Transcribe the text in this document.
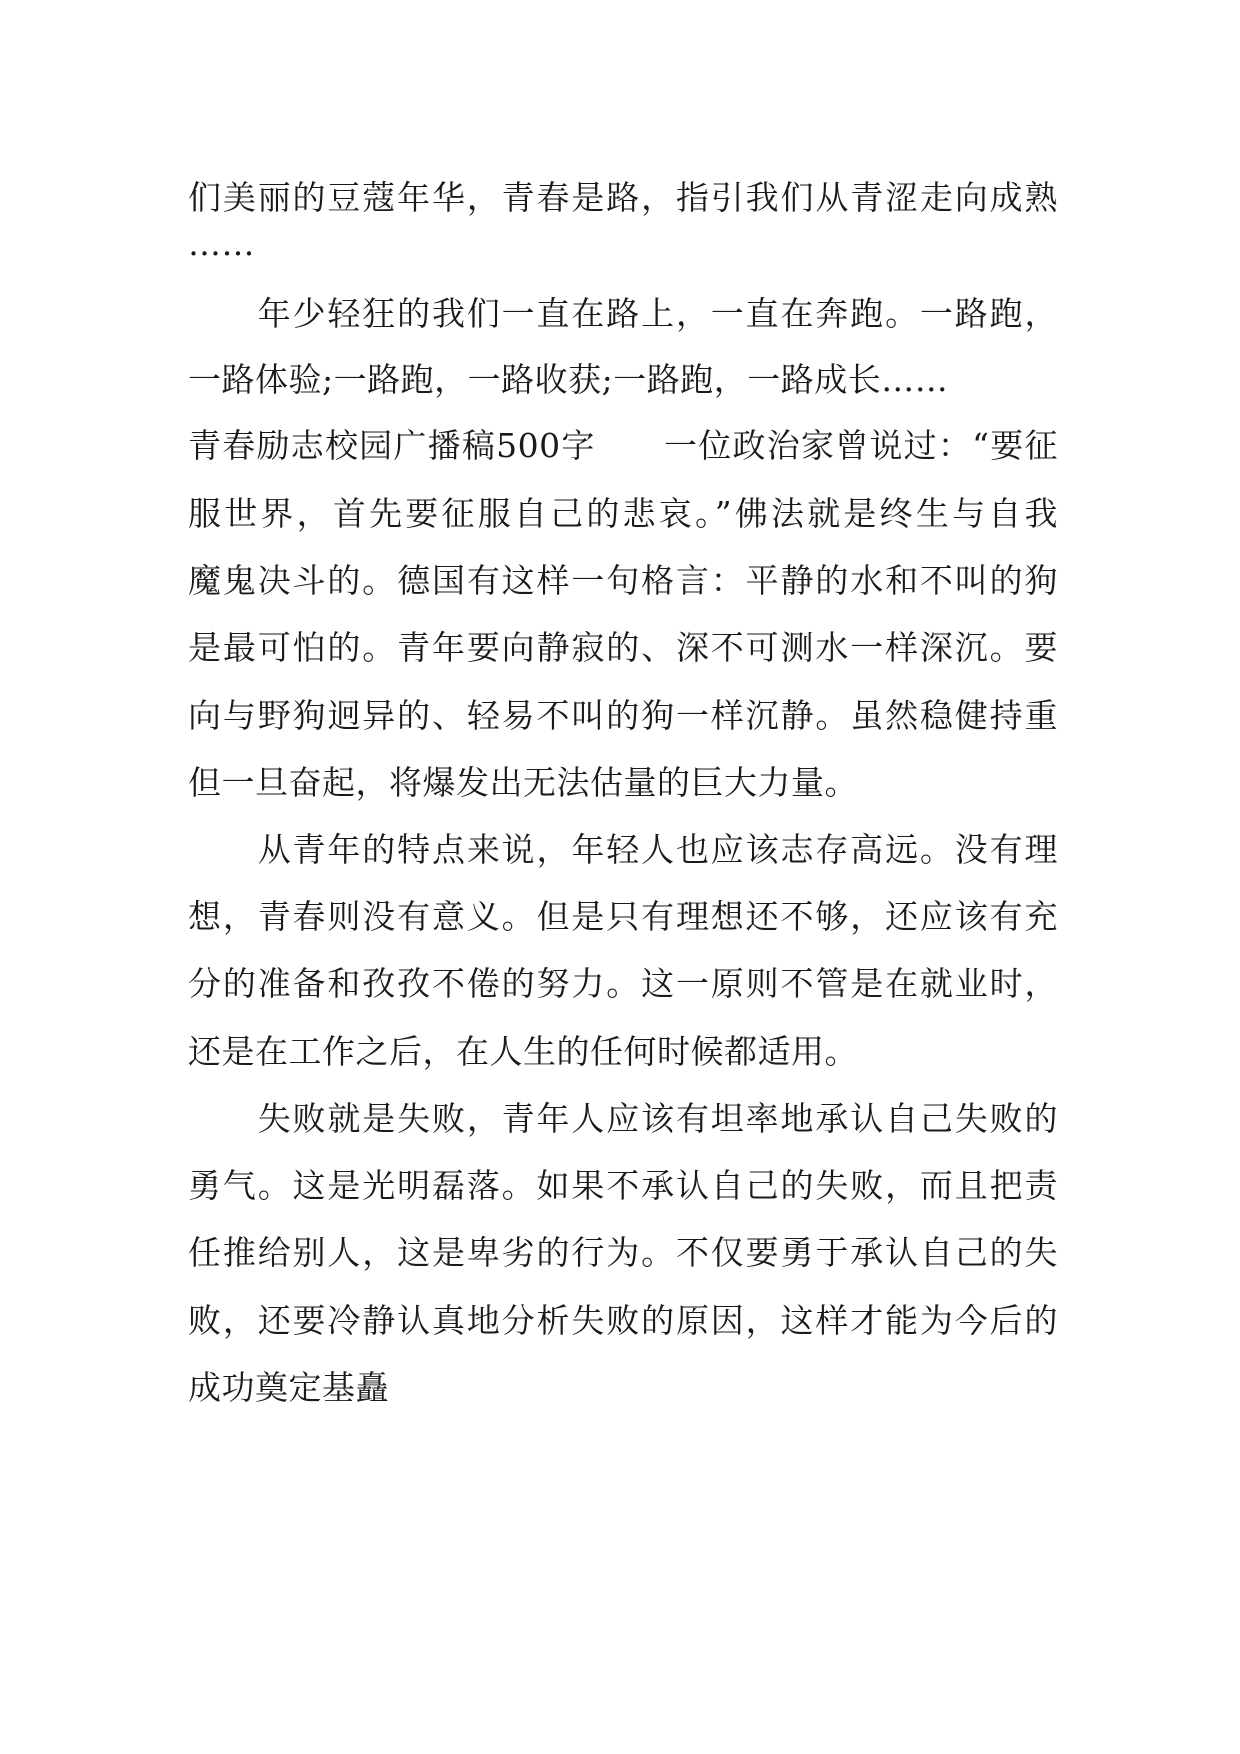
们美丽的豆蔻年华，青春是路，指引我们从青涩走向成熟
……
　　年少轻狂的我们一直在路上，一直在奔跑。一路跑，
一路体验;一路跑，一路收获;一路跑，一路成长……
青春励志校园广播稿500字　　一位政治家曾说过：“要征
服世界，首先要征服自己的悲哀。”佛法就是终生与自我
魔鬼决斗的。德国有这样一句格言：平静的水和不叫的狗
是最可怕的。青年要向静寂的、深不可测水一样深沉。要
向与野狗迥异的、轻易不叫的狗一样沉静。虽然稳健持重
但一旦奋起，将爆发出无法估量的巨大力量。
　　从青年的特点来说，年轻人也应该志存高远。没有理
想，青春则没有意义。但是只有理想还不够，还应该有充
分的准备和孜孜不倦的努力。这一原则不管是在就业时，
还是在工作之后，在人生的任何时候都适用。
　　失败就是失败，青年人应该有坦率地承认自己失败的
勇气。这是光明磊落。如果不承认自己的失败，而且把责
任推给别人，这是卑劣的行为。不仅要勇于承认自己的失
败，还要冷静认真地分析失败的原因，这样才能为今后的
成功奠定基矗
